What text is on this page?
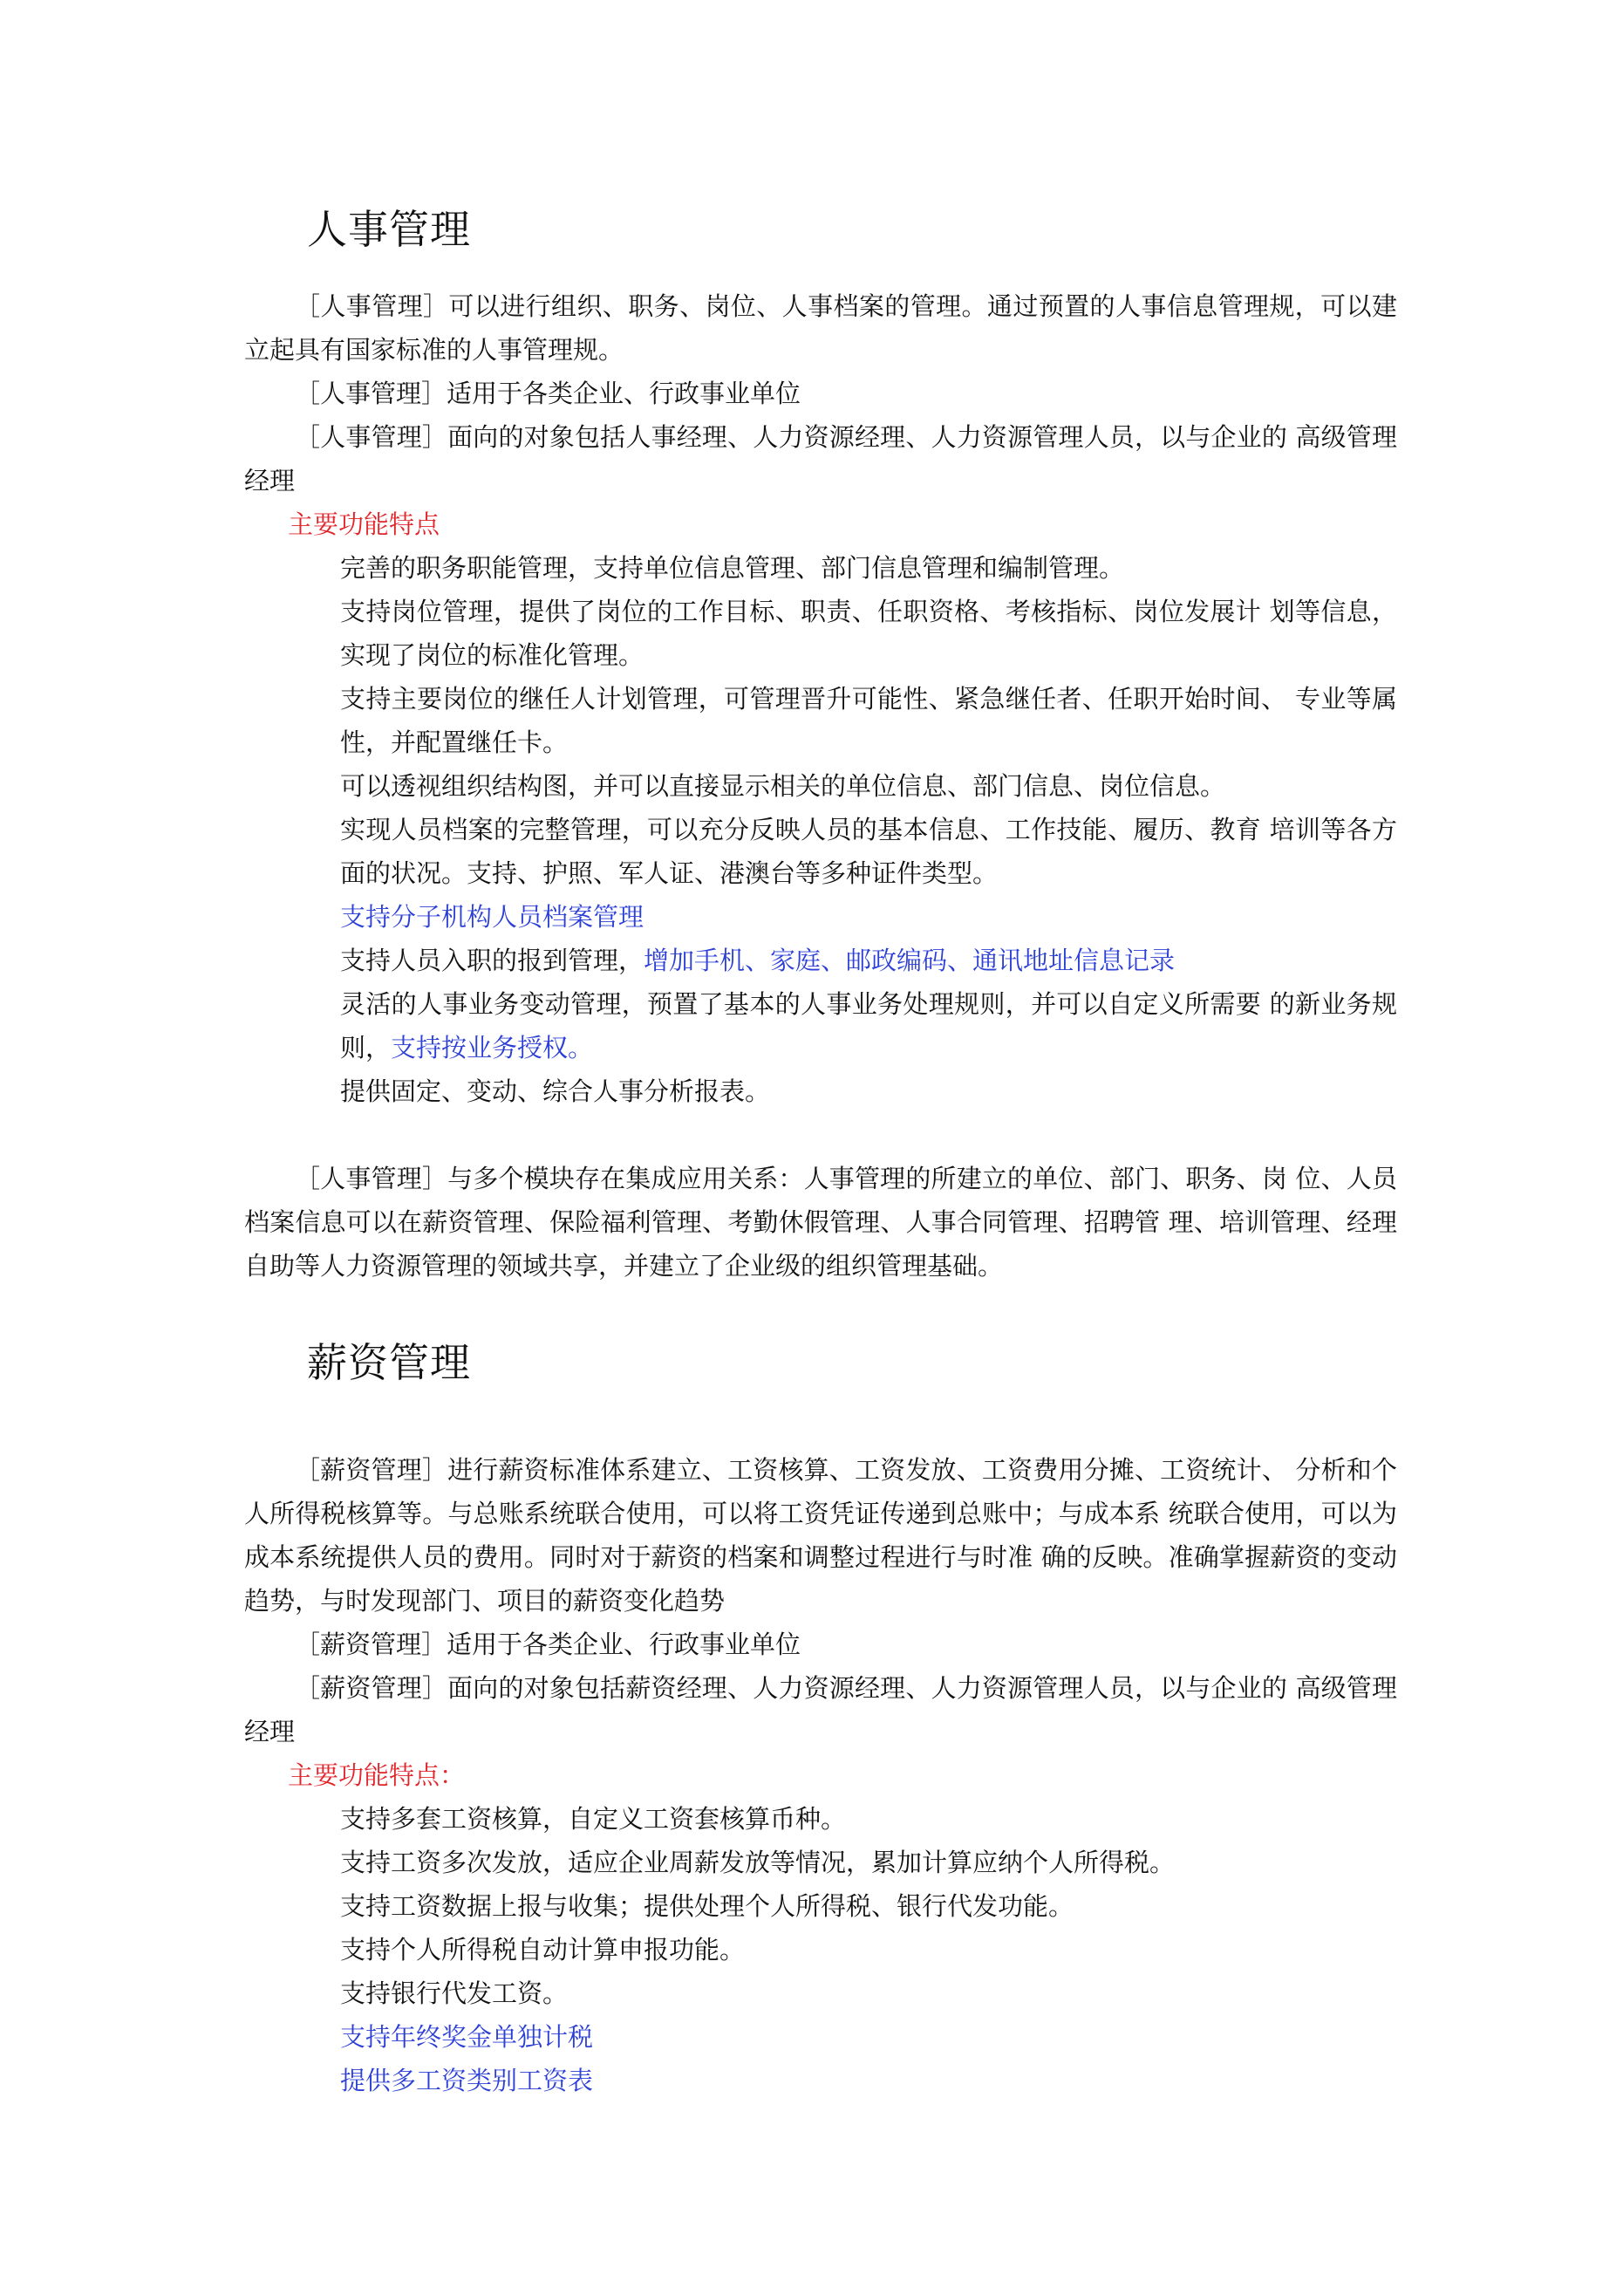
人事管理

［人事管理］可以进行组织、职务、岗位、人事档案的管理。通过预置的人事信息管理规，可以建立起具有国家标准的人事管理规。

［人事管理］适用于各类企业、行政事业单位

［人事管理］面向的对象包括人事经理、人力资源经理、人力资源管理人员，以与企业的 高级管理经理

主要功能特点

完善的职务职能管理，支持单位信息管理、部门信息管理和编制管理。

支持岗位管理，提供了岗位的工作目标、职责、任职资格、考核指标、岗位发展计 划等信息，实现了岗位的标准化管理。

支持主要岗位的继任人计划管理，可管理晋升可能性、紧急继任者、任职开始时间、 专业等属性，并配置继任卡。

可以透视组织结构图，并可以直接显示相关的单位信息、部门信息、岗位信息。

实现人员档案的完整管理，可以充分反映人员的基本信息、工作技能、履历、教育 培训等各方面的状况。支持、护照、军人证、港澳台等多种证件类型。

支持分子机构人员档案管理

支持人员入职的报到管理，增加手机、家庭、邮政编码、通讯地址信息记录

灵活的人事业务变动管理，预置了基本的人事业务处理规则，并可以自定义所需要 的新业务规则，支持按业务授权。

提供固定、变动、综合人事分析报表。

［人事管理］与多个模块存在集成应用关系：人事管理的所建立的单位、部门、职务、岗 位、人员档案信息可以在薪资管理、保险福利管理、考勤休假管理、人事合同管理、招聘管 理、培训管理、经理自助等人力资源管理的领域共享，并建立了企业级的组织管理基础。

薪资管理

［薪资管理］进行薪资标准体系建立、工资核算、工资发放、工资费用分摊、工资统计、 分析和个人所得税核算等。与总账系统联合使用，可以将工资凭证传递到总账中；与成本系 统联合使用，可以为成本系统提供人员的费用。同时对于薪资的档案和调整过程进行与时准 确的反映。准确掌握薪资的变动趋势，与时发现部门、项目的薪资变化趋势

［薪资管理］适用于各类企业、行政事业单位

［薪资管理］面向的对象包括薪资经理、人力资源经理、人力资源管理人员，以与企业的 高级管理经理

主要功能特点：

支持多套工资核算，自定义工资套核算币种。

支持工资多次发放，适应企业周薪发放等情况，累加计算应纳个人所得税。

支持工资数据上报与收集；提供处理个人所得税、银行代发功能。

支持个人所得税自动计算申报功能。

支持银行代发工资。

支持年终奖金单独计税

提供多工资类别工资表
